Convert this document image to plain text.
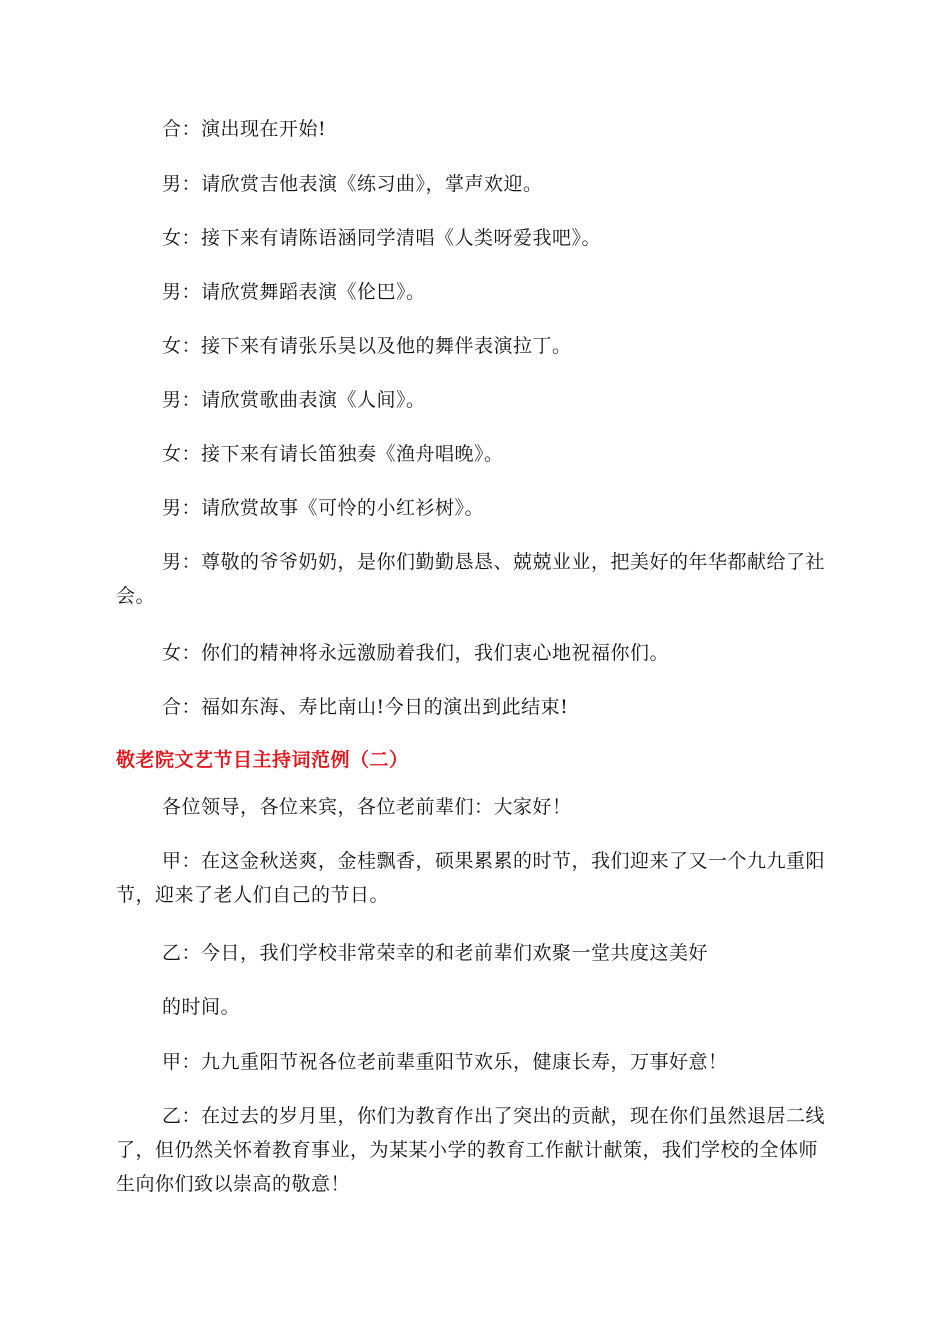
合：演出现在开始!

男：请欣赏吉他表演《练习曲》，掌声欢迎。

女：接下来有请陈语涵同学清唱《人类呀爱我吧》。

男：请欣赏舞蹈表演《伦巴》。

女：接下来有请张乐昊以及他的舞伴表演拉丁。

男：请欣赏歌曲表演《人间》。

女：接下来有请长笛独奏《渔舟唱晚》。

男：请欣赏故事《可怜的小红衫树》。

男：尊敬的爷爷奶奶，是你们勤勤恳恳、兢兢业业，把美好的年华都献给了社会。

女：你们的精神将永远激励着我们，我们衷心地祝福你们。

合：福如东海、寿比南山!今日的演出到此结束!

敬老院文艺节目主持词范例（二）

各位领导，各位来宾，各位老前辈们：大家好！

甲：在这金秋送爽，金桂飘香，硕果累累的时节，我们迎来了又一个九九重阳节，迎来了老人们自己的节日。

乙：今日，我们学校非常荣幸的和老前辈们欢聚一堂共度这美好

的时间。

甲：九九重阳节祝各位老前辈重阳节欢乐，健康长寿，万事好意！

乙：在过去的岁月里，你们为教育作出了突出的贡献，现在你们虽然退居二线了，但仍然关怀着教育事业，为某某小学的教育工作献计献策，我们学校的全体师生向你们致以崇高的敬意！
